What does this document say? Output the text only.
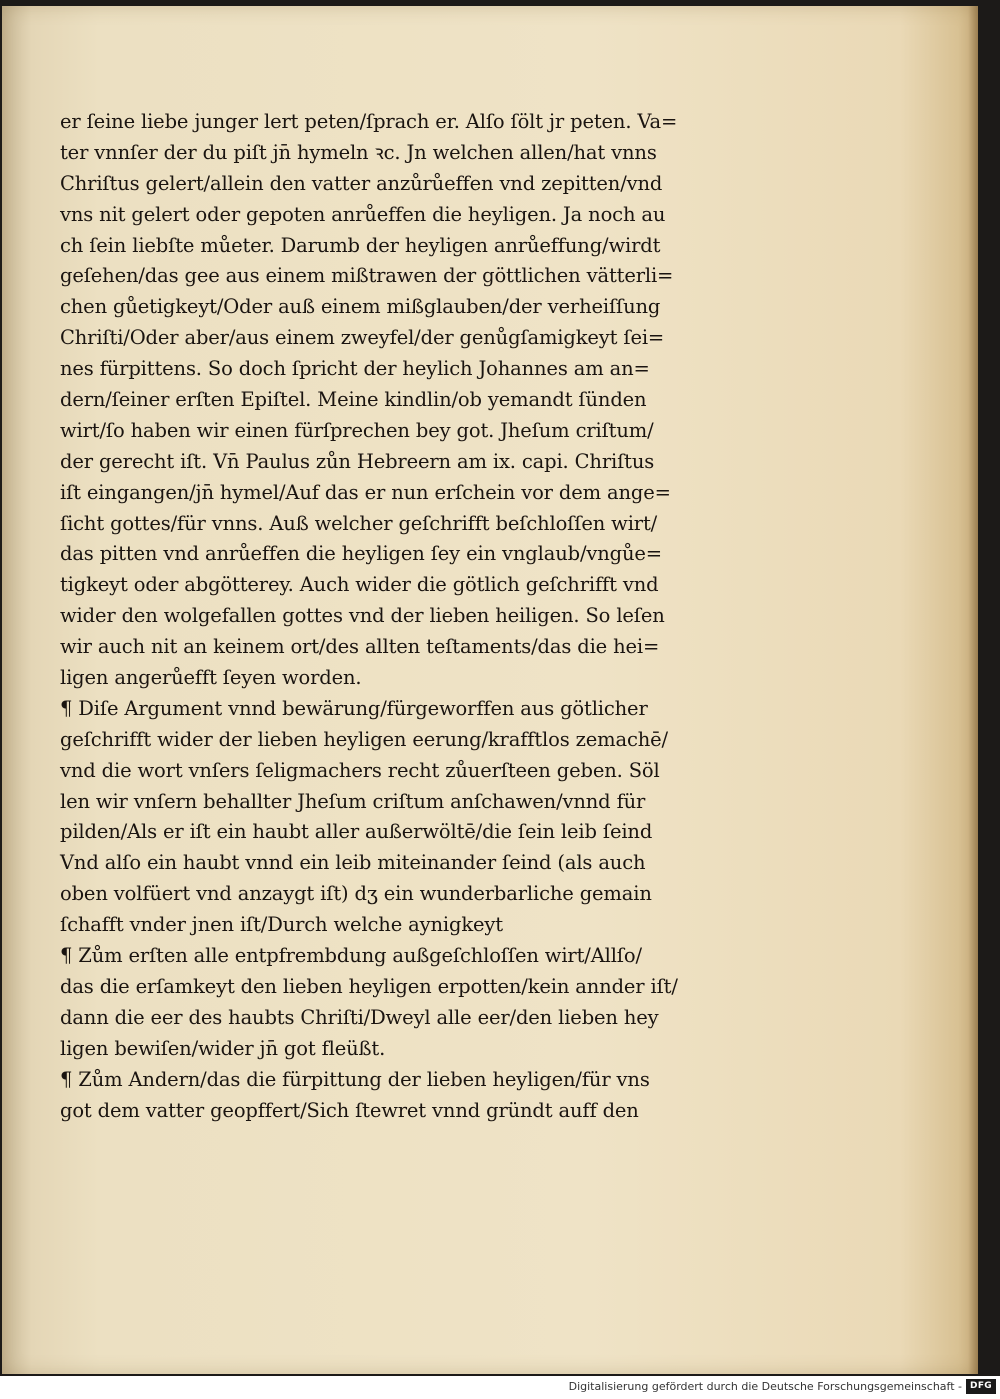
er ſeine liebe junger lert peten/ſprach er. Alſo ſölt jr peten. Va=
ter vnnſer der du piſt jn̄ hymeln ꝛc. Jn welchen allen/hat vnns
Chriſtus gelert/allein den vatter anzůrůeffen vnd zepitten/vnd
vns nit gelert oder gepoten anrůeffen die heyligen. Ja noch au
ch ſein liebſte můeter. Darumb der heyligen anrůeffung/wirdt
geſehen/das gee aus einem mißtrawen der göttlichen vätterli=
chen gůetigkeyt/Oder auß einem mißglauben/der verheiſſung
Chriſti/Oder aber/aus einem zweyfel/der genůgſamigkeyt ſei=
nes fürpittens. So doch ſpricht der heylich Johannes am an=
dern/ſeiner erſten Epiſtel. Meine kindlin/ob yemandt ſünden
wirt/ſo haben wir einen fürſprechen bey got. Jheſum criſtum/
der gerecht iſt. Vn̄ Paulus zůn Hebreern am ix. capi. Chriſtus
iſt eingangen/jn̄ hymel/Auf das er nun erſchein vor dem ange=
ſicht gottes/für vnns. Auß welcher geſchrifft beſchloſſen wirt/
das pitten vnd anrůeffen die heyligen ſey ein vnglaub/vngůe=
tigkeyt oder abgötterey. Auch wider die götlich geſchrifft vnd
wider den wolgefallen gottes vnd der lieben heiligen. So leſen
wir auch nit an keinem ort/des allten teſtaments/das die hei=
ligen angerůefft ſeyen worden.
¶ Diſe Argument vnnd bewärung/fürgeworffen aus götlicher
geſchrifft wider der lieben heyligen eerung/krafftlos zemachē/
vnd die wort vnſers ſeligmachers recht zůuerſteen geben. Söl
len wir vnſern behallter Jheſum criſtum anſchawen/vnnd für
pilden/Als er iſt ein haubt aller außerwöltē/die ſein leib ſeind
Vnd alſo ein haubt vnnd ein leib miteinander ſeind (als auch
oben volfüert vnd anzaygt iſt) dʒ ein wunderbarliche gemain
ſchafft vnder jnen iſt/Durch welche aynigkeyt
¶ Zům erſten alle entpfrembdung außgeſchloſſen wirt/Allſo/
das die erſamkeyt den lieben heyligen erpotten/kein annder iſt/
dann die eer des haubts Chriſti/Dweyl alle eer/den lieben hey
ligen bewiſen/wider jn̄ got fleüßt.
¶ Zům Andern/das die fürpittung der lieben heyligen/für vns
got dem vatter geopffert/Sich ſtewret vnnd gründt auff den
Digitalisierung gefördert durch die Deutsche Forschungsgemeinschaft - DFG
